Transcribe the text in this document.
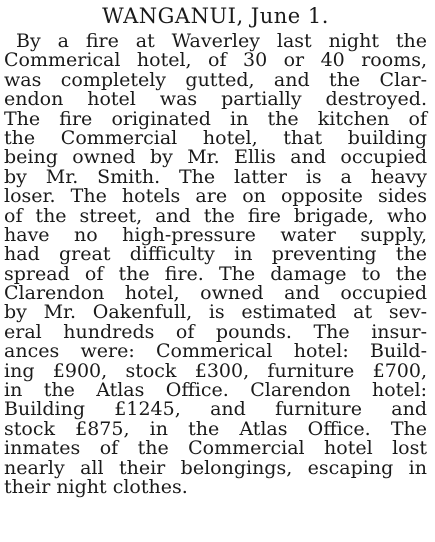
WANGANUI, June 1.
By a fire at Waverley last night the
Commerical hotel, of 30 or 40 rooms,
was completely gutted, and the Clar-
endon hotel was partially destroyed.
The fire originated in the kitchen of
the Commercial hotel, that building
being owned by Mr. Ellis and occupied
by Mr. Smith. The latter is a heavy
loser. The hotels are on opposite sides
of the street, and the fire brigade, who
have no high-pressure water supply,
had great difficulty in preventing the
spread of the fire. The damage to the
Clarendon hotel, owned and occupied
by Mr. Oakenfull, is estimated at sev-
eral hundreds of pounds. The insur-
ances were: Commerical hotel: Build-
ing £900, stock £300, furniture £700,
in the Atlas Office. Clarendon hotel:
Building £1245, and furniture and
stock £875, in the Atlas Office. The
inmates of the Commercial hotel lost
nearly all their belongings, escaping in
their night clothes.
